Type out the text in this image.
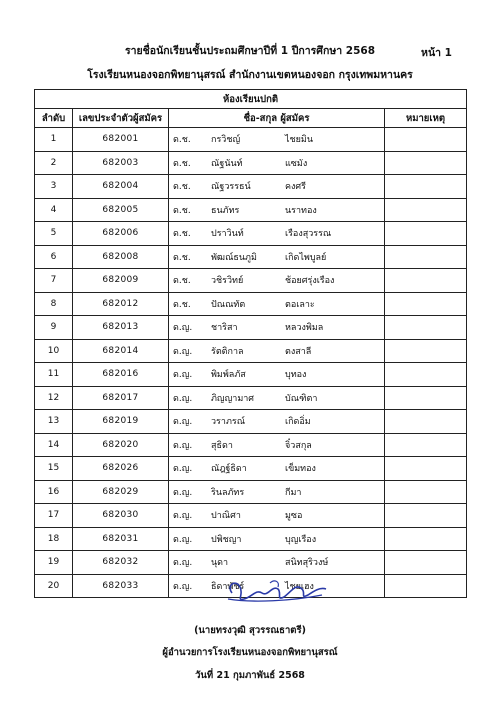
รายชื่อนักเรียนชั้นประถมศึกษาปีที่ 1 ปีการศึกษา 2568	หน้า 1
โรงเรียนหนองจอกพิทยานุสรณ์ สำนักงานเขตหนองจอก กรุงเทพมหานคร
ห้องเรียนปกติ			
ลำดับ	เลขประจำตัวผู้สมัคร	ชื่อ-สกุล ผู้สมัคร	หมายเหตุ
1	682001	ด.ช. กรวิชญ์ ไชยมิน	

2	682003	ด.ช. ณัฐนันท์ แซมัง	

3	682004	ด.ช. ณัฐวรรธน์ คงศรี	

4	682005	ด.ช. ธนภัทร นราทอง	

5	682006	ด.ช. ปราวินท์ เรืองสุวรรณ	

6	682008	ด.ช. พัฒณ์ธนภูมิ เกิดไพบูลย์	

7	682009	ด.ช. วชิรวิทย์ ช้อยศรุ่งเรือง	

8	682012	ด.ช. ปัณณทัต ตอเลาะ	

9	682013	ด.ญ. ชาริสา หลวงพิมล	

10	682014	ด.ญ. รัตติกาล ตงสาลี	

11	682016	ด.ญ. พิมพ์ลภัส บุทอง	

12	682017	ด.ญ. ภิญญามาศ บัณฑิตา	

13	682019	ด.ญ. วราภรณ์ เกิดอิ่ม	

14	682020	ด.ญ. สุธิดา จิ๋วสกุล	

15	682026	ด.ญ. ณัฎฐ์ธิดา เข็มทอง	

16	682029	ด.ญ. รินลภัทร กีมา	

17	682030	ด.ญ. ปาณิศา มูซอ	

18	682031	ด.ญ. ปพิชญา บุญเรือง	

19	682032	ด.ญ. นุดา สนิทสุริวงษ์	

20	682033	ด.ญ. ธิดาพัชร์ ไชยเฮง	

(นายทรงวุฒิ สุวรรณธาตรี)
ผู้อำนวยการโรงเรียนหนองจอกพิทยานุสรณ์
วันที่ 21 กุมภาพันธ์ 2568
